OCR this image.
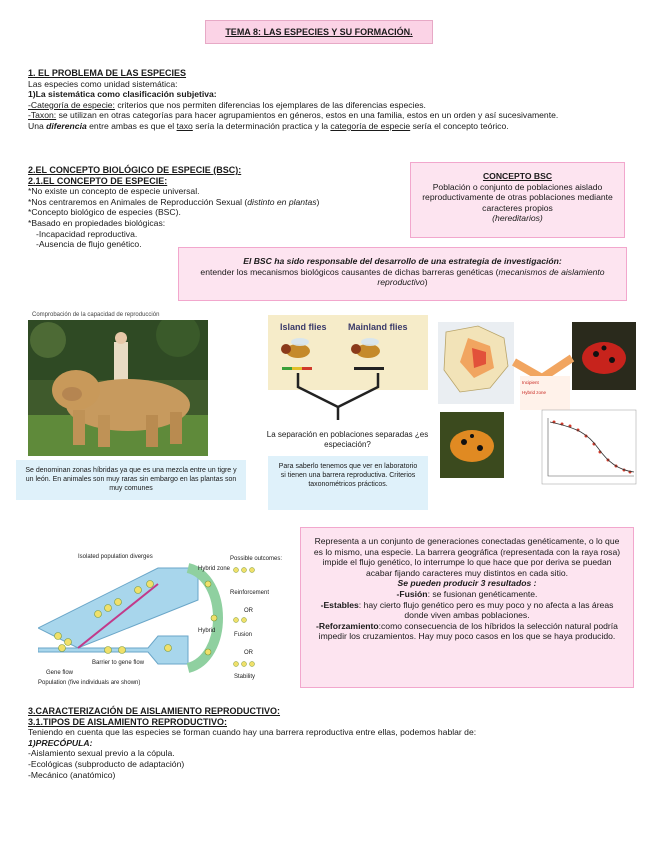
TEMA 8: LAS ESPECIES Y SU FORMACIÓN.
1. EL PROBLEMA DE LAS ESPECIES
Las especies como unidad sistemática:
1)La sistemática como clasificación subjetiva:
-Categoría de especie: criterios que nos permiten diferencias los ejemplares de las diferencias especies.
-Taxon: se utilizan en otras categorías para hacer agrupamientos en géneros, estos en una familia, estos en un orden y así sucesivamente.
Una diferencia entre ambas es que el taxo sería la determinación practica y la categoría de especie sería el concepto teórico.
2.EL CONCEPTO BIOLÓGICO DE ESPECIE (BSC):
2.1.EL CONCEPTO DE ESPECIE:
*No existe un concepto de especie universal.
*Nos centraremos en Animales de Reproducción Sexual (distinto en plantas)
*Concepto biológico de especies (BSC).
*Basado en propiedades biológicas:
-Incapacidad reproductiva.
-Ausencia de flujo genético.
CONCEPTO BSC
Población o conjunto de poblaciones aislado reproductivamente de otras poblaciones mediante caracteres propios
(hereditarios)
El BSC ha sido responsable del desarrollo de una estrategia de investigación:
entender los mecanismos biológicos causantes de dichas barreras genéticas (mecanismos de aislamiento reproductivo)
Comprobación de la capacidad de reproducción
Se denominan zonas híbridas ya que es una mezcla entre un tigre y un león. En animales son muy raras sin embargo en las plantas son muy comunes
Island flies Mainland flies
La separación en poblaciones separadas ¿es especiación?
Para saberlo tenemos que ver en laboratorio si tienen una barrera reproductiva. Criterios taxonométricos prácticos.
Incipient
Hybrid zone
Isolated population diverges
Gene flow
Barrier to gene flow
Population (five individuals are shown)
Hybrid zone
Hybrid
Possible outcomes:
Reinforcement
OR
Fusion
OR
Stability
Representa a un conjunto de generaciones conectadas genéticamente, o lo que es lo mismo, una especie. La barrera geográfica (representada con la raya rosa) impide el flujo genético, lo interrumpe lo que hace que por deriva se puedan acabar fijando caracteres muy distintos en cada sitio.
Se pueden producir 3 resultados :
-Fusión: se fusionan genéticamente.
-Estables: hay cierto flujo genético pero es muy poco y no afecta a las áreas donde viven ambas poblaciones.
-Reforzamiento:como consecuencia de los híbridos la selección natural podría impedir los cruzamientos. Hay muy poco casos en los que se haya producido.
3.CARACTERIZACIÓN DE AISLAMIENTO REPRODUCTIVO:
3.1.TIPOS DE AISLAMIENTO REPRODUCTIVO:
Teniendo en cuenta que las especies se forman cuando hay una barrera reproductiva entre ellas, podemos hablar de:
1)PRECÓPULA:
-Aislamiento sexual previo a la cópula.
-Ecológicas (subproducto de adaptación)
-Mecánico (anatómico)
